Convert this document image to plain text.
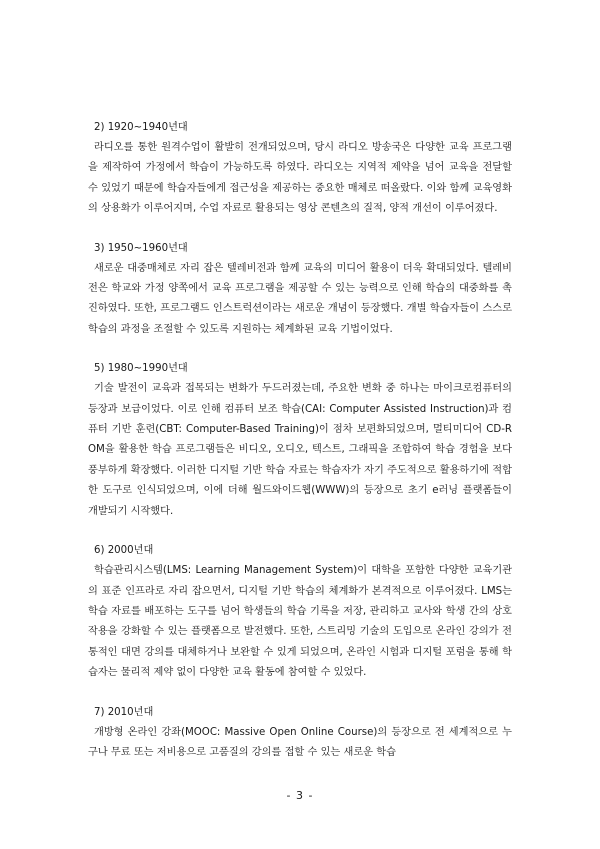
2) 1920~1940년대

라디오를 통한 원격수업이 활발히 전개되었으며, 당시 라디오 방송국은 다양한 교육 프로그램을 제작하여 가정에서 학습이 가능하도록 하였다. 라디오는 지역적 제약을 넘어 교육을 전달할 수 있었기 때문에 학습자들에게 접근성을 제공하는 중요한 매체로 떠올랐다. 이와 함께 교육영화의 상용화가 이루어지며, 수업 자료로 활용되는 영상 콘텐츠의 질적, 양적 개선이 이루어졌다.

3) 1950~1960년대

새로운 대중매체로 자리 잡은 텔레비전과 함께 교육의 미디어 활용이 더욱 확대되었다. 텔레비전은 학교와 가정 양쪽에서 교육 프로그램을 제공할 수 있는 능력으로 인해 학습의 대중화를 촉진하였다. 또한, 프로그램드 인스트럭션이라는 새로운 개념이 등장했다. 개별 학습자들이 스스로 학습의 과정을 조절할 수 있도록 지원하는 체계화된 교육 기법이었다.

5) 1980~1990년대

기술 발전이 교육과 접목되는 변화가 두드러졌는데, 주요한 변화 중 하나는 마이크로컴퓨터의 등장과 보급이었다. 이로 인해 컴퓨터 보조 학습(CAI: Computer Assisted Instruction)과 컴퓨터 기반 훈련(CBT: Computer-Based Training)이 점차 보편화되었으며, 멀티미디어 CD-ROM을 활용한 학습 프로그램들은 비디오, 오디오, 텍스트, 그래픽을 조합하여 학습 경험을 보다 풍부하게 확장했다. 이러한 디지털 기반 학습 자료는 학습자가 자기 주도적으로 활용하기에 적합한 도구로 인식되었으며, 이에 더해 월드와이드웹(WWW)의 등장으로 초기 e러닝 플랫폼들이 개발되기 시작했다.

6) 2000년대

학습관리시스템(LMS: Learning Management System)이 대학을 포함한 다양한 교육기관의 표준 인프라로 자리 잡으면서, 디지털 기반 학습의 체계화가 본격적으로 이루어졌다. LMS는 학습 자료를 배포하는 도구를 넘어 학생들의 학습 기록을 저장, 관리하고 교사와 학생 간의 상호작용을 강화할 수 있는 플랫폼으로 발전했다. 또한, 스트리밍 기술의 도입으로 온라인 강의가 전통적인 대면 강의를 대체하거나 보완할 수 있게 되었으며, 온라인 시험과 디지털 포럼을 통해 학습자는 물리적 제약 없이 다양한 교육 활동에 참여할 수 있었다.

7) 2010년대

개방형 온라인 강좌(MOOC: Massive Open Online Course)의 등장으로 전 세계적으로 누구나 무료 또는 저비용으로 고품질의 강의를 접할 수 있는 새로운 학습

- 3 -
